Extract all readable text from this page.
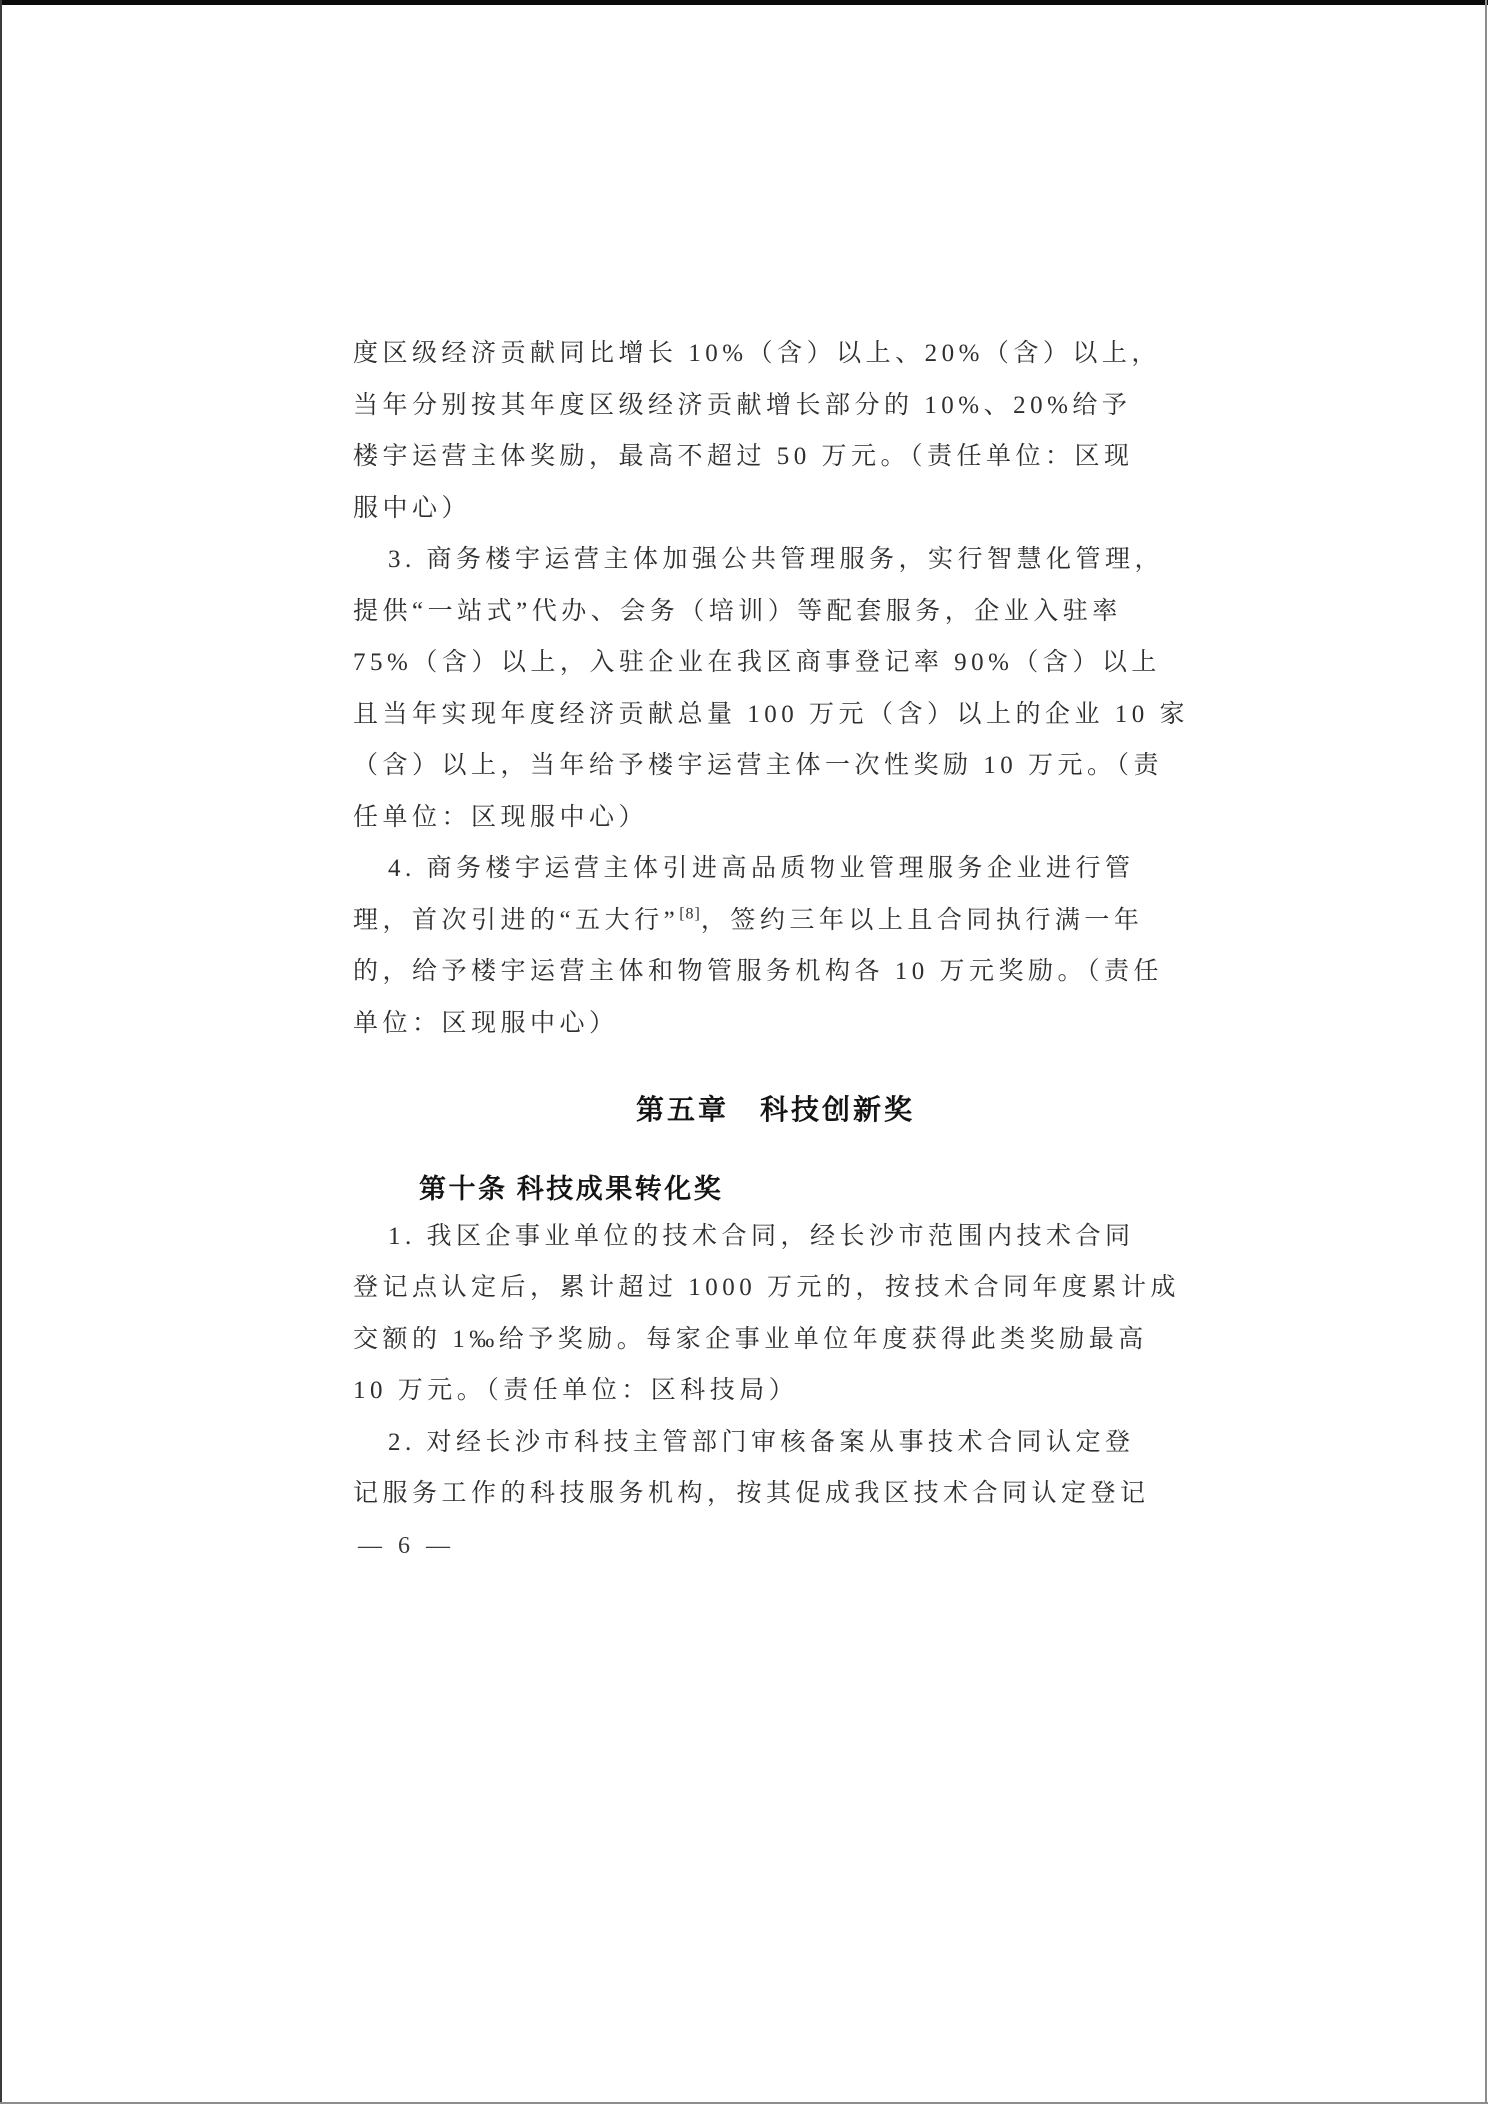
度区级经济贡献同比增长 10%（含）以上、20%（含）以上，
当年分别按其年度区级经济贡献增长部分的 10%、20%给予
楼宇运营主体奖励，最高不超过 50 万元。（责任单位：区现
服中心）
3. 商务楼宇运营主体加强公共管理服务，实行智慧化管理，
提供“一站式”代办、会务（培训）等配套服务，企业入驻率
75%（含）以上，入驻企业在我区商事登记率 90%（含）以上
且当年实现年度经济贡献总量 100 万元（含）以上的企业 10 家
（含）以上，当年给予楼宇运营主体一次性奖励 10 万元。（责
任单位：区现服中心）
4. 商务楼宇运营主体引进高品质物业管理服务企业进行管
理，首次引进的“五大行”[8]，签约三年以上且合同执行满一年
的，给予楼宇运营主体和物管服务机构各 10 万元奖励。（责任
单位：区现服中心）
第五章　科技创新奖
第十条 科技成果转化奖
1. 我区企事业单位的技术合同，经长沙市范围内技术合同
登记点认定后，累计超过 1000 万元的，按技术合同年度累计成
交额的 1‰给予奖励。每家企事业单位年度获得此类奖励最高
10 万元。（责任单位：区科技局）
2. 对经长沙市科技主管部门审核备案从事技术合同认定登
记服务工作的科技服务机构，按其促成我区技术合同认定登记
— 6 —
